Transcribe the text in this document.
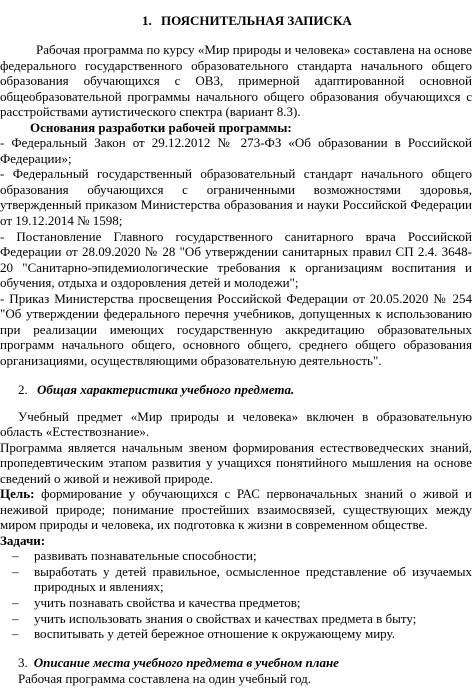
1. ПОЯСНИТЕЛЬНАЯ ЗАПИСКА
Рабочая программа по курсу «Мир природы и человека» составлена на основе
федерального государственного образовательного стандарта начального общего
образования обучающихся с ОВЗ, примерной адаптированной основной
общеобразовательной программы начального общего образования обучающихся с
расстройствами аутистического спектра (вариант 8.3).
Основания разработки рабочей программы:
- Федеральный Закон от 29.12.2012 № 273-ФЗ «Об образовании в Российской
Федерации»;
- Федеральный государственный образовательный стандарт начального общего
образования обучающихся с ограниченными возможностями здоровья,
утвержденный приказом Министерства образования и науки Российской Федерации
от 19.12.2014 № 1598;
- Постановление Главного государственного санитарного врача Российской
Федерации от 28.09.2020 № 28 "Об утверждении санитарных правил СП 2.4. 3648-
20 "Санитарно-эпидемиологические требования к организациям воспитания и
обучения, отдыха и оздоровления детей и молодежи";
- Приказ Министерства просвещения Российской Федерации от 20.05.2020 № 254
"Об утверждении федерального перечня учебников, допущенных к использованию
при реализации имеющих государственную аккредитацию образовательных
программ начального общего, основного общего, среднего общего образования
организациями, осуществляющими образовательную деятельность".
2. Общая характеристика учебного предмета.
Учебный предмет «Мир природы и человека» включен в образовательную
область «Естествознание».
Программа является начальным звеном формирования естествоведческих знаний,
пропедевтическим этапом развития у учащихся понятийного мышления на основе
сведений о живой и неживой природе.
Цель: формирование у обучающихся с РАС первоначальных знаний о живой и
неживой природе; понимание простейших взаимосвязей, существующих между
миром природы и человека, их подготовка к жизни в современном обществе.
Задачи:
– развивать познавательные способности;
– выработать у детей правильное, осмысленное представление об изучаемых
природных и явлениях;
– учить познавать свойства и качества предметов;
– учить использовать знания о свойствах и качествах предмета в быту;
– воспитывать у детей бережное отношение к окружающему миру.
3. Описание места учебного предмета в учебном плане
Рабочая программа составлена на один учебный год.
